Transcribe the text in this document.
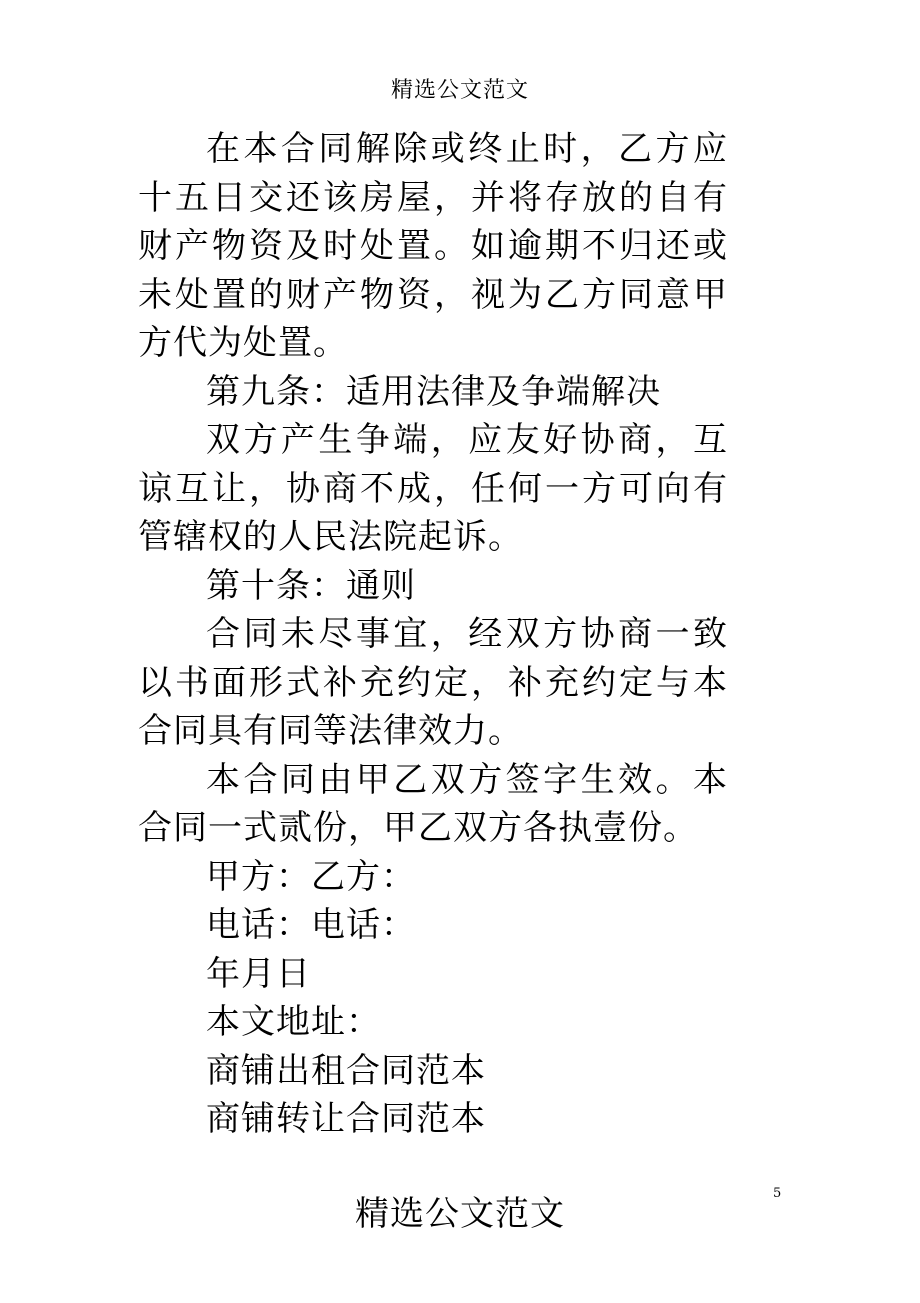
精选公文范文

在本合同解除或终止时，乙方应十五日交还该房屋，并将存放的自有财产物资及时处置。如逾期不归还或未处置的财产物资，视为乙方同意甲方代为处置。

第九条：适用法律及争端解决

双方产生争端，应友好协商，互谅互让，协商不成，任何一方可向有管辖权的人民法院起诉。

第十条：通则

合同未尽事宜，经双方协商一致以书面形式补充约定，补充约定与本合同具有同等法律效力。

本合同由甲乙双方签字生效。本合同一式贰份，甲乙双方各执壹份。

甲方：乙方：

电话：电话：

年月日

本文地址：

商铺出租合同范本

商铺转让合同范本

5
精选公文范文
